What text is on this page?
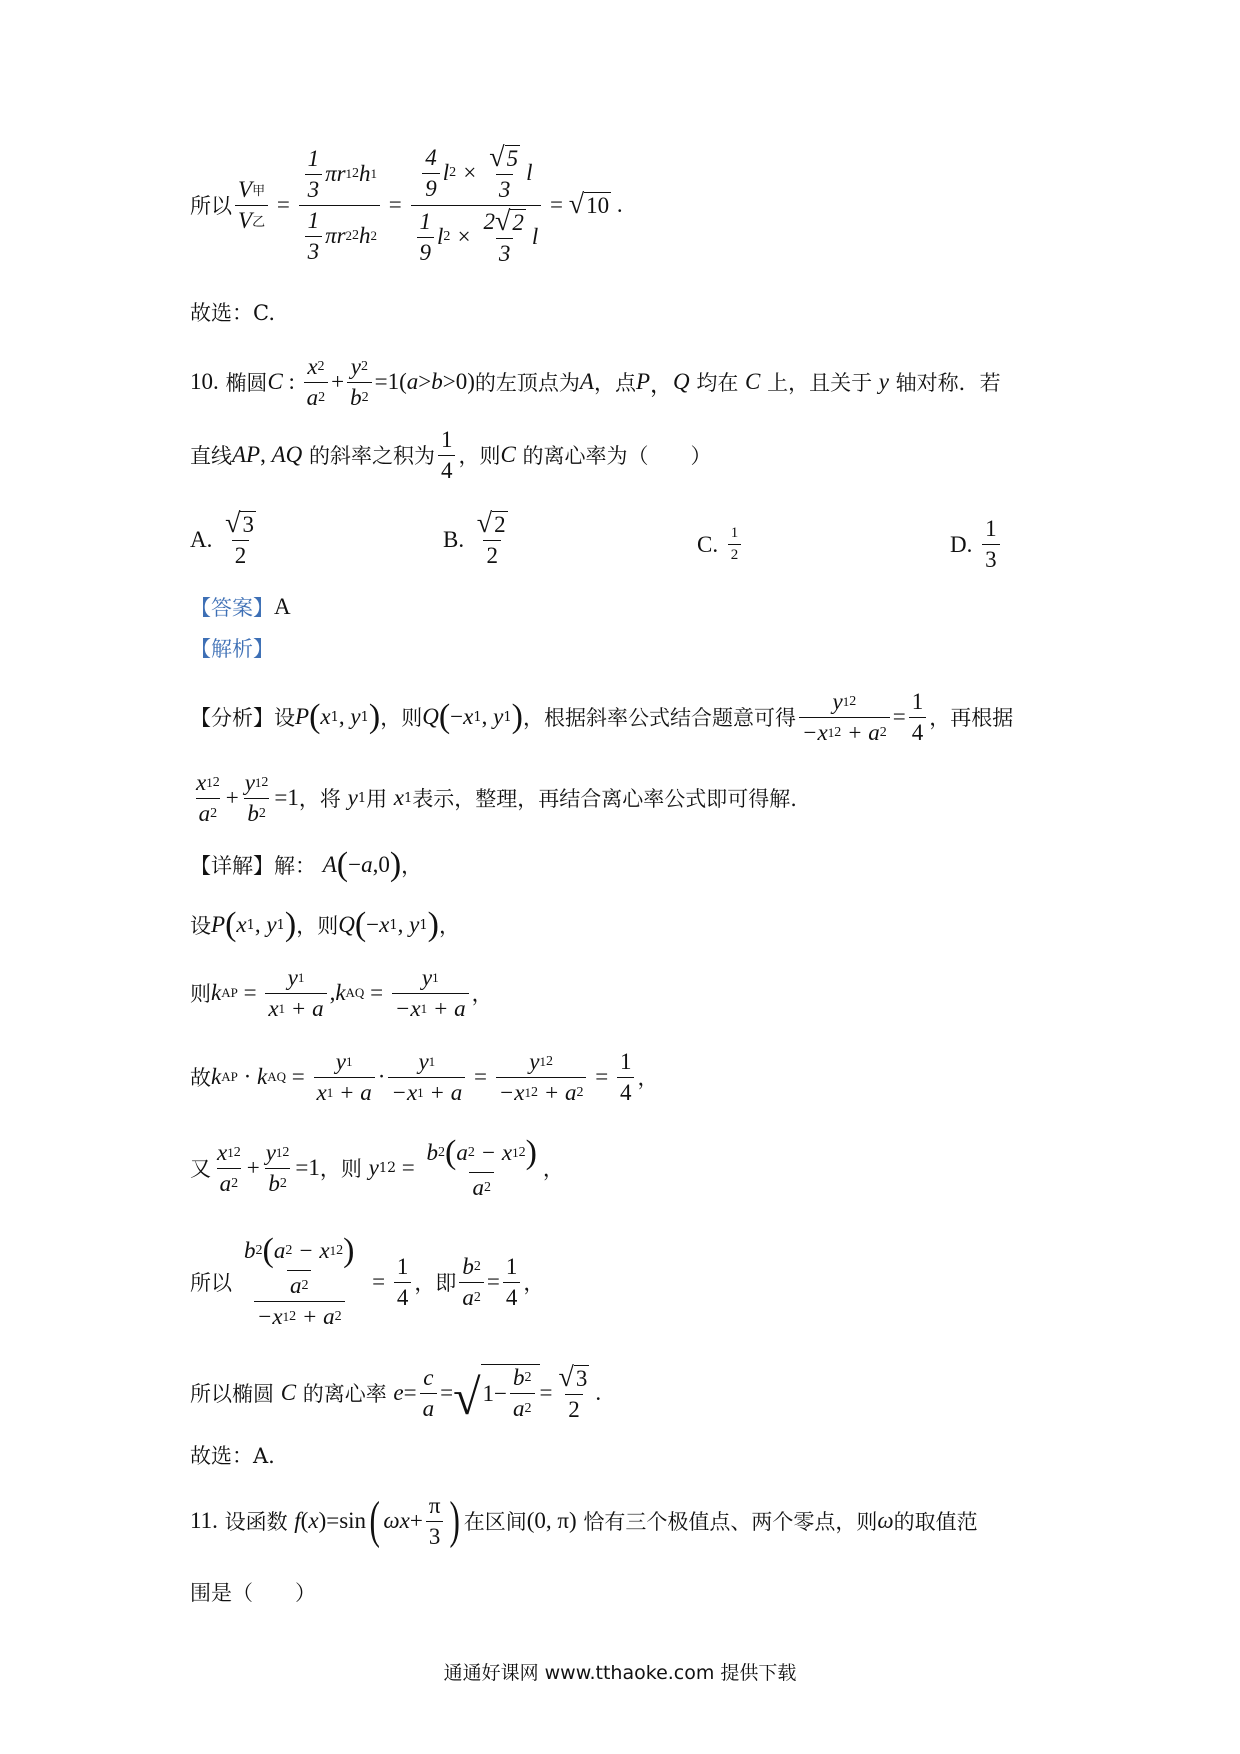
所以 $\frac{\text{V 甲}}{\text{V 乙}} = \frac{\frac{1}{3} \pi r 1 2 h 1}{\frac{1}{3} \pi r 2 2 h 2} = \frac{\frac{4}{9} l 2 \times \frac{√ 5}{3} l}{\frac{1}{9} l 2 \times \frac{2 √ 2}{3} l}$ = √ 10 .
故选：C.
10.
椭圆 C : $\frac{x 2}{a 2} + \frac{y 2}{b 2} =1$( a > b >0) 的左顶点为 A ，点 P ， Q
均在
C
上，且关于
y
轴对称．若
直线 AP , AQ
的斜率之积为 $\frac{1}{4}$ ，则 C
的离心率为（　　）
A.
$\frac{√ 3}{2}$	B.
$\frac{√ 2}{2}$	C.
$\frac{1}{2}$	D.
$\frac{1}{3}$
【答案】 A
【解析】
【分析】 设 P ( x 1 , y 1 ) ，则 Q ( − x 1 , y 1 ) ，根据斜率公式结合题意可得 $\frac{y 1 2}{- x 1 2 + a 2} = \frac{1}{4}$ ，再根据
$\frac{x 1 2}{a 2} + \frac{y 1 2}{b 2} =1$ ，将
y 1 用
x 1 表示，整理，再结合离心率公式即可得解.
【详解】 解：
A ( − a ,0 ) ，
设 P ( x 1 , y 1 ) ，则 Q ( − x 1 , y 1 ) ，
则 k AP = $\frac{y 1}{x 1 + a}$ , k AQ = $\frac{y 1}{- x 1 + a}$ ，
故 k AP · k AQ = $\frac{y 1}{x 1 + a} \cdot \frac{y 1}{- x 1 + a} = \frac{y 1 2}{- x 1 2 + a 2} = \frac{1}{4}$ ，
又 $\frac{x 1 2}{a 2} + \frac{y 1 2}{b 2} =1$ ，则
y 1 $2 = \frac{b 2 ( a 2 - x 1 2 )}{a 2}$ ，
所以 $\frac{\frac{b 2 ( a 2 - x 1 2 )}{a 2}}{- x 1 2 + a 2} = \frac{1}{4}$ ，即 $\frac{b 2}{a 2} = \frac{1}{4}$ ，
所以椭圆
C
的离心率
$e = \frac{c}{a}$ = √ $1- \frac{b 2}{a 2} = \frac{√ 3}{2}$ .
故选：A.
11.
设函数
f ( x ) =sin ( $\omega x + \frac{\pi}{3}$ ) 在区间 (0, π)
恰有三个极值点、两个零点，则 ω 的取值范
围是（　　）
通通好课网 www.tthaoke.com 提供下载
